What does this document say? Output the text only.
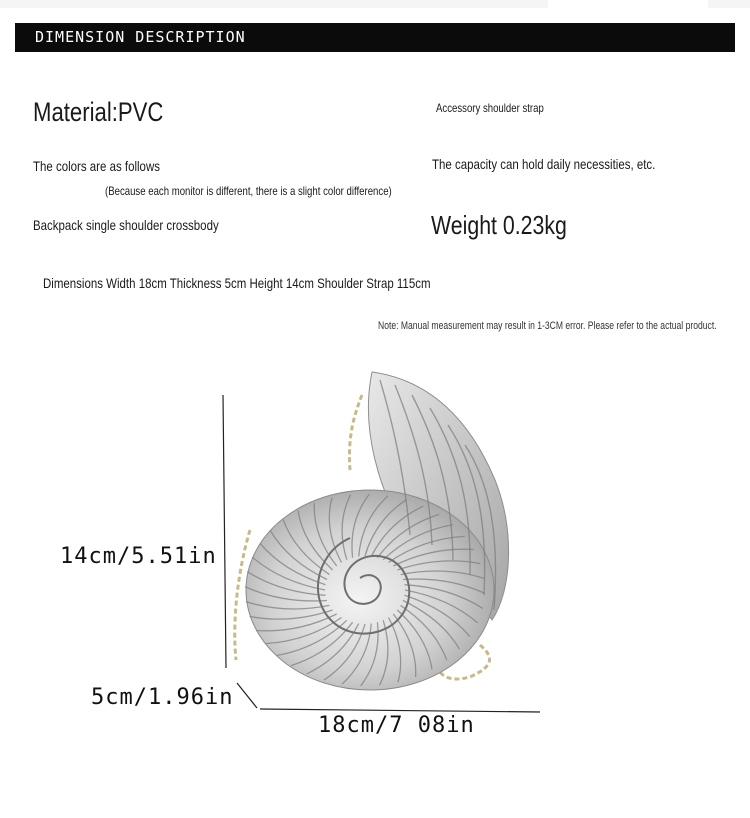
DIMENSION DESCRIPTION
Material:PVC	Accessory shoulder strap
The colors are as follows	The capacity can hold daily necessities, etc.
(Because each monitor is different, there is a slight color difference)
Backpack single shoulder crossbody	Weight 0.23kg
Dimensions Width 18cm Thickness 5cm Height 14cm Shoulder Strap 115cm
Note: Manual measurement may result in 1-3CM error. Please refer to the actual product.
14cm/5.51in
5cm/1.96in
18cm/7 08in
